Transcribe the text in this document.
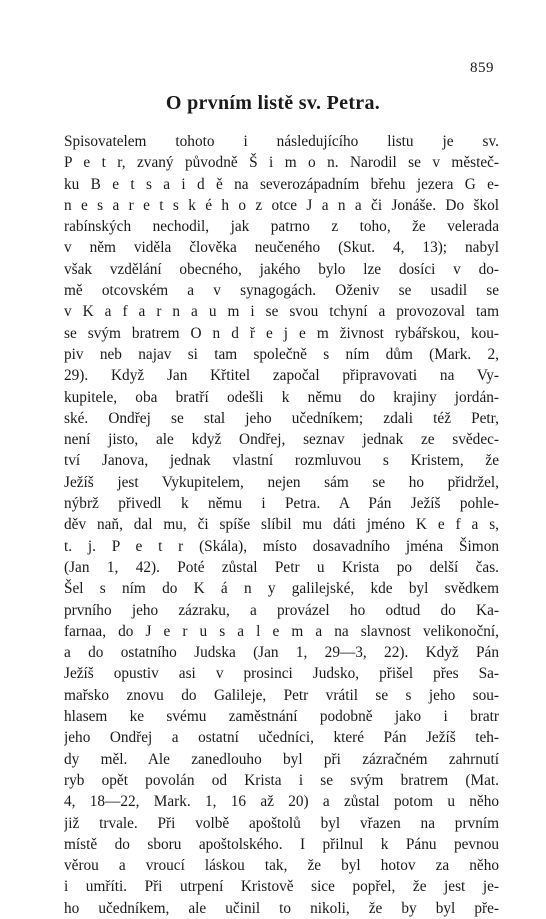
859
O prvním listě sv. Petra.
Spisovatelem tohoto i následujícího listu je sv.
P e t r, zvaný původně Š i m o n. Narodil se v městeč-
ku B e t s a i d ě na severozápadním břehu jezera G e-
n e s a r e t s k é h o z otce J a n a či Jonáše. Do škol
rabínských nechodil, jak patrno z toho, že velerada
v něm viděla člověka neučeného (Skut. 4, 13); nabyl
však vzdělání obecného, jakého bylo lze dosíci v do-
mě otcovském a v synagogách. Oženiv se usadil se
v K a f a r n a u m i se svou tchyní a provozoval tam
se svým bratrem O n d ř e j e m živnost rybářskou, kou-
piv neb najav si tam společně s ním dům (Mark. 2,
29). Když Jan Křtitel započal připravovati na Vy-
kupitele, oba bratří odešli k němu do krajiny jordán-
ské. Ondřej se stal jeho učedníkem; zdali též Petr,
není jisto, ale když Ondřej, seznav jednak ze svědec-
tví Janova, jednak vlastní rozmluvou s Kristem, že
Ježíš jest Vykupitelem, nejen sám se ho přidržel,
nýbrž přivedl k němu i Petra. A Pán Ježíš pohle-
děv naň, dal mu, či spíše slíbil mu dáti jméno K e f a s,
t. j. P e t r (Skála), místo dosavadního jména Šimon
(Jan 1, 42). Poté zůstal Petr u Krista po delší čas.
Šel s ním do K á n y galilejské, kde byl svědkem
prvního jeho zázraku, a provázel ho odtud do Ka-
farnaa, do J e r u s a l e m a na slavnost velikonoční,
a do ostatního Judska (Jan 1, 29—3, 22). Když Pán
Ježíš opustiv asi v prosinci Judsko, přišel přes Sa-
mařsko znovu do Galileje, Petr vrátil se s jeho sou-
hlasem ke svému zaměstnání podobně jako i bratr
jeho Ondřej a ostatní učedníci, které Pán Ježíš teh-
dy měl. Ale zanedlouho byl při zázračném zahrnutí
ryb opět povolán od Krista i se svým bratrem (Mat.
4, 18—22, Mark. 1, 16 až 20) a zůstal potom u něho
již trvale. Při volbě apoštolů byl vřazen na prvním
místě do sboru apoštolského. I přilnul k Pánu pevnou
věrou a vroucí láskou tak, že byl hotov za něho
i umříti. Při utrpení Kristově sice popřel, že jest je-
ho učedníkem, ale učinil to nikoli, že by byl pře-
